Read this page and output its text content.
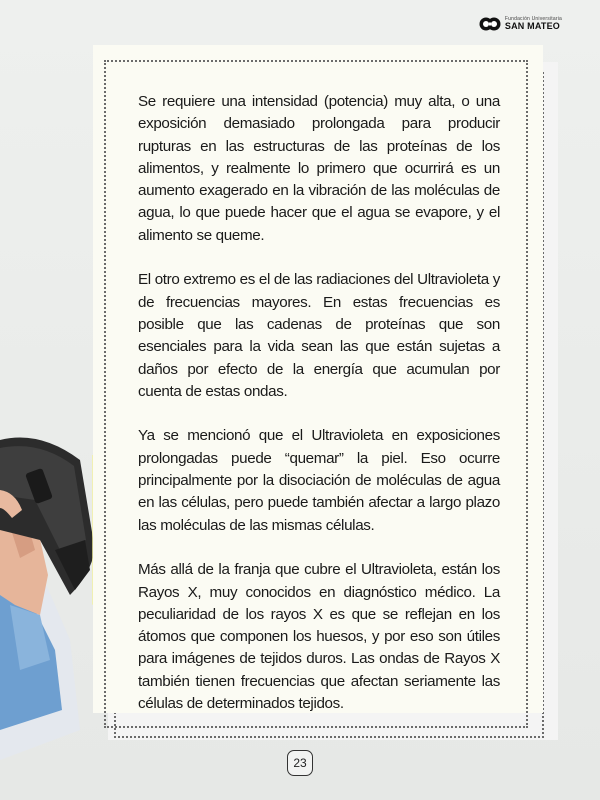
Fundación Universitaria
SAN MATEO

Se requiere una intensidad (potencia) muy alta, o una exposición demasiado prolongada para producir rupturas en las estructuras de las proteínas de los alimentos, y realmente lo primero que ocurrirá es un aumento exagerado en la vibración de las moléculas de agua, lo que puede hacer que el agua se evapore, y el alimento se queme.

El otro extremo es el de las radiaciones del Ultravioleta y de frecuencias mayores. En estas frecuencias es posible que las cadenas de proteínas que son esenciales para la vida sean las que están sujetas a daños por efecto de la energía que acumulan por cuenta de estas ondas.

Ya se mencionó que el Ultravioleta en exposiciones prolongadas puede “quemar” la piel. Eso ocurre principalmente por la disociación de moléculas de agua en las células, pero puede también afectar a largo plazo las moléculas de las mismas células.

Más allá de la franja que cubre el Ultravioleta, están los Rayos X, muy conocidos en diagnóstico médico. La peculiaridad de los rayos X es que se reflejan en los átomos que componen los huesos, y por eso son útiles para imágenes de tejidos duros. Las ondas de Rayos X también tienen frecuencias que afectan seriamente las células de determinados tejidos.

23
